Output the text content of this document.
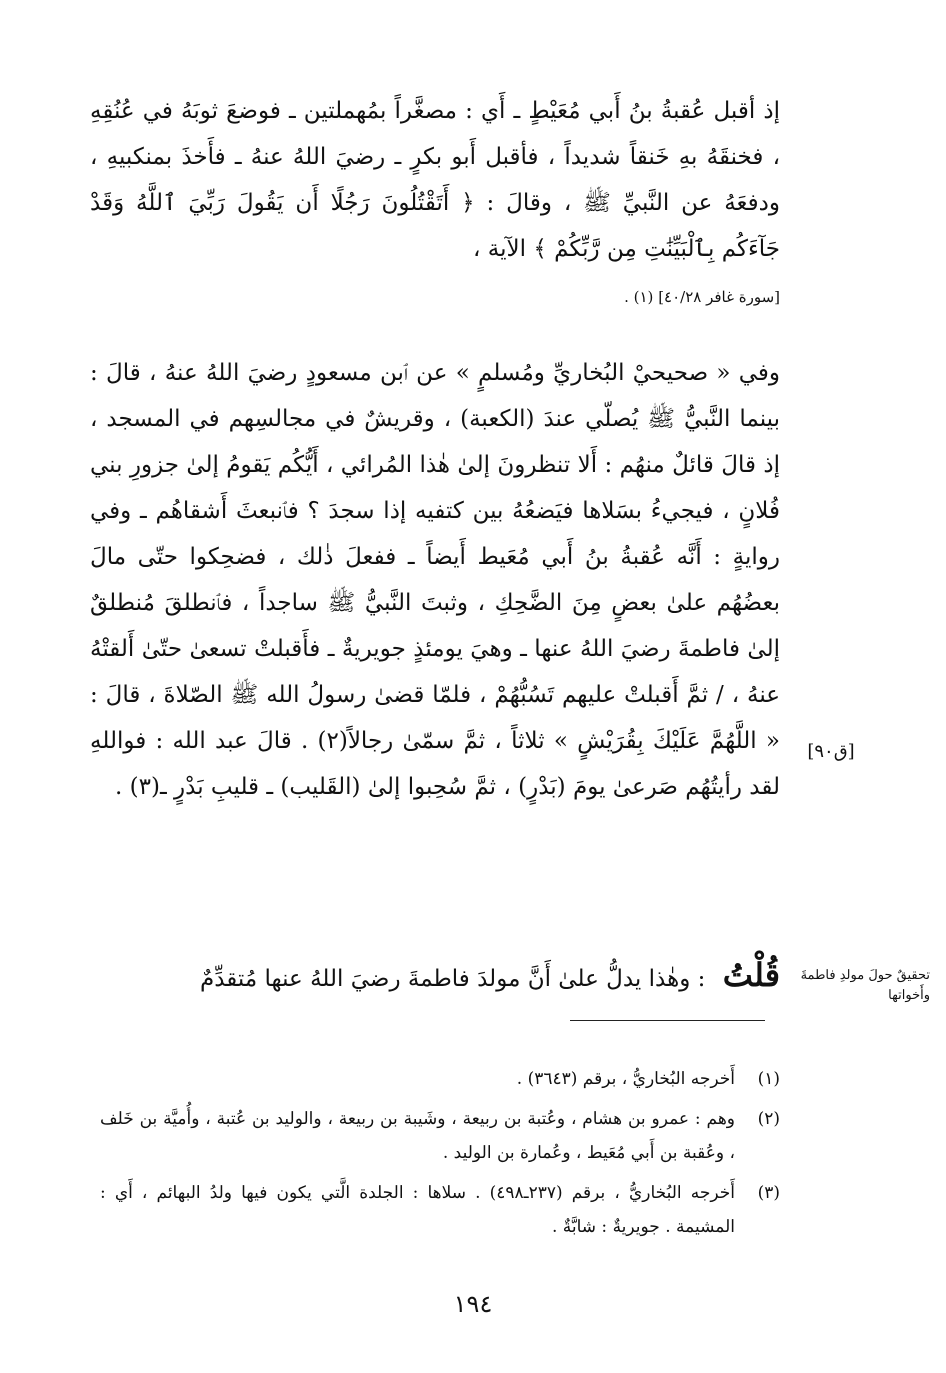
إذ أقبل عُقبةُ بنُ أَبي مُعَيْطٍ ـ أَي : مصغَّراً بمُهملتين ـ فوضعَ ثوبَهُ في عُنُقِهِ ، فخنقَهُ بهِ خَنقاً شديداً ، فأقبل أَبو بكرٍ ـ رضيَ اللهُ عنهُ ـ فأَخذَ بمنكبيهِ ، ودفعَهُ عن النَّبيِّ ﷺ ، وقالَ : ﴿ أَتَقْتُلُونَ رَجُلًا أَن يَقُولَ رَبِّيَ ٱللَّهُ وَقَدْ جَآءَكُم بِٱلْبَيِّنَٰتِ مِن رَّبِّكُمْ ﴾ الآية ،
[سورة غافر ٤٠/٢٨] (١) .
وفي « صحيحيْ البُخاريِّ ومُسلمٍ » عن ٱبن مسعودٍ رضيَ اللهُ عنهُ ، قالَ : بينما النَّبيُّ ﷺ يُصلّي عندَ (الكعبة) ، وقريشٌ في مجالسِهم في المسجد ، إذ قالَ قائلٌ منهُم : أَلا تنظرونَ إلىٰ هٰذا المُرائي ، أَيُّكُم يَقومُ إلىٰ جزورِ بني فُلانٍ ، فيجيءُ بسَلاها فيَضعُهُ بين كتفيه إذا سجدَ ؟ فٱنبعثَ أَشقاهُم ـ وفي روايةٍ : أَنَّه عُقبةُ بنُ أَبي مُعَيط أَيضاً ـ ففعلَ ذٰلك ، فضحِكوا حتّى مالَ بعضُهُم علىٰ بعضٍ مِنَ الضَّحِكِ ، وثبتَ النَّبيُّ ﷺ ساجداً ، فٱنطلقَ مُنطلقٌ إلىٰ فاطمةَ رضيَ اللهُ عنها ـ وهيَ يومئذٍ جويريةٌ ـ فأَقبلتْ تسعىٰ حتّىٰ أَلقتْهُ عنهُ ، / ثمَّ أَقبلتْ عليهم تَسُبُّهُمْ ، فلمّا قضىٰ رسولُ الله ﷺ الصّلاةَ ، قالَ : « اللَّهُمَّ عَلَيْكَ بِقُرَيْشٍ » ثلاثاً ، ثمَّ سمّىٰ رجالاً(٢) . قالَ عبد الله : فواللهِ لقد رأيتُهُم صَرعىٰ يومَ (بَدْرٍ) ، ثمَّ سُحِبوا إلىٰ (القَليب) ـ قليبِ بَدْرٍ ـ(٣) .
[ق٩٠]
قُلْتُ : وهٰذا يدلُّ علىٰ أَنَّ مولدَ فاطمةَ رضيَ اللهُ عنها مُتقدِّمٌ	تحقيقٌ حولَ مولدِ فاطمةَ وأَخواتها
(١)
أَخرجه البُخاريُّ ، برقم (٣٦٤٣) .
(٢)
وهم : عمرو بن هشام ، وعُتبة بن ربيعة ، وشَيبة بن ربيعة ، والوليد بن عُتبة ، وأُميَّة بن خَلف ، وعُقبة بن أَبي مُعَيط ، وعُمارة بن الوليد .
(٣)
أَخرجه البُخاريُّ ، برقم (٢٣٧ـ٤٩٨) . سلاها : الجلدة الَّتي يكون فيها ولدُ البهائم ، أَي : المشيمة . جويريةٌ : شابَّةٌ .
١٩٤
